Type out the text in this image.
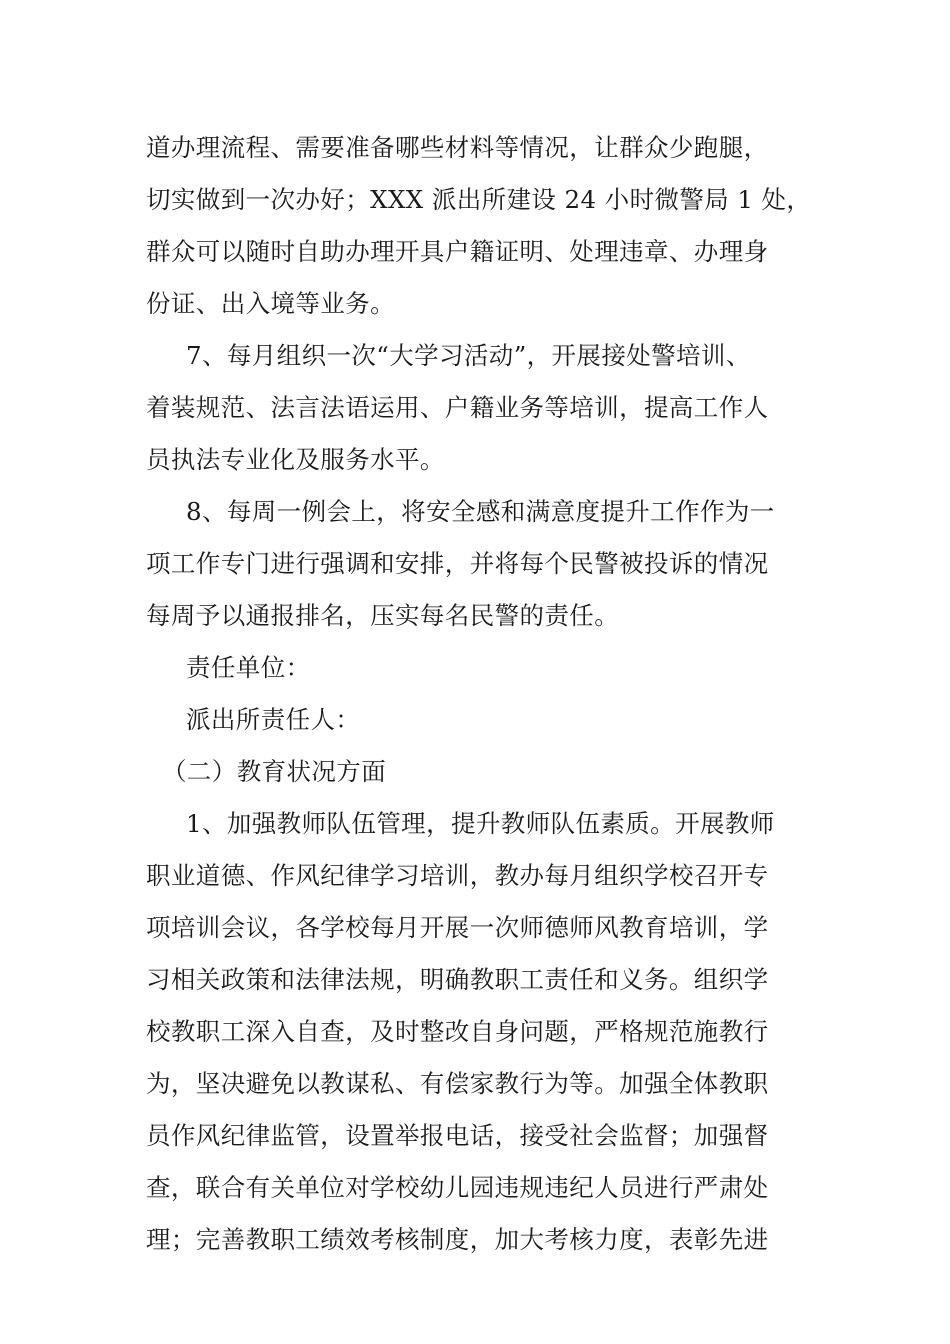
道办理流程、需要准备哪些材料等情况，让群众少跑腿，
切实做到一次办好；XXX 派出所建设 24 小时微警局 1 处，
群众可以随时自助办理开具户籍证明、处理违章、办理身
份证、出入境等业务。
7、每月组织一次“大学习活动”，开展接处警培训、
着装规范、法言法语运用、户籍业务等培训，提高工作人
员执法专业化及服务水平。
8、每周一例会上，将安全感和满意度提升工作作为一
项工作专门进行强调和安排，并将每个民警被投诉的情况
每周予以通报排名，压实每名民警的责任。
责任单位：
派出所责任人：
（二）教育状况方面
1、加强教师队伍管理，提升教师队伍素质。开展教师
职业道德、作风纪律学习培训，教办每月组织学校召开专
项培训会议，各学校每月开展一次师德师风教育培训，学
习相关政策和法律法规，明确教职工责任和义务。组织学
校教职工深入自查，及时整改自身问题，严格规范施教行
为，坚决避免以教谋私、有偿家教行为等。加强全体教职
员作风纪律监管，设置举报电话，接受社会监督；加强督
查，联合有关单位对学校幼儿园违规违纪人员进行严肃处
理；完善教职工绩效考核制度，加大考核力度，表彰先进
